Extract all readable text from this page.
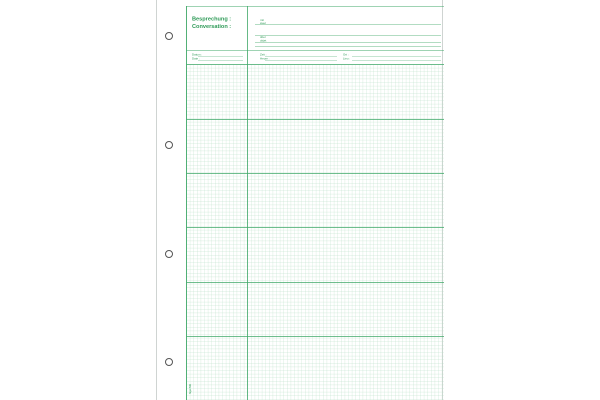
Besprechung :
Conversation :
mit
avec
über
objet
Datum :
Date :
Zeit :
Heure :
Ort :
Lieu :
Sigel 506
